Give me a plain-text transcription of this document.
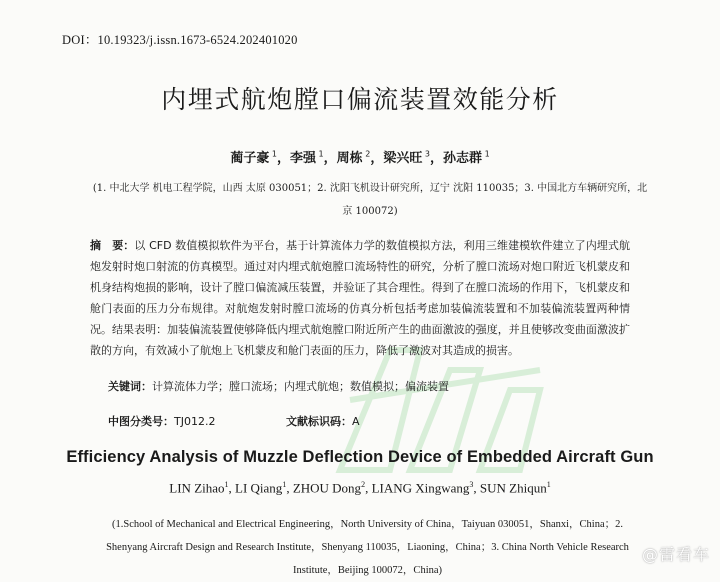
DOI：10.19323/j.issn.1673-6524.202401020
内埋式航炮膛口偏流装置效能分析
蔺子豪 $^1$，李强 $^1$，周栋 $^2$，梁兴旺 $^3$，孙志群 $^1$
(1. 中北大学 机电工程学院，山西 太原 030051；2. 沈阳飞机设计研究所，辽宁 沈阳 110035；3. 中国北方车辆研究所，北京 100072)
摘　要：以 CFD 数值模拟软件为平台，基于计算流体力学的数值模拟方法，利用三维建模软件建立了内埋式航炮发射时炮口射流的仿真模型。通过对内埋式航炮膛口流场特性的研究，分析了膛口流场对炮口附近飞机蒙皮和机身结构炮损的影响，设计了膛口偏流减压装置，并验证了其合理性。得到了在膛口流场的作用下，飞机蒙皮和舱门表面的压力分布规律。对航炮发射时膛口流场的仿真分析包括考虑加装偏流装置和不加装偏流装置两种情况。结果表明：加装偏流装置使够降低内埋式航炮膛口附近所产生的曲面激波的强度，并且使够改变曲面激波扩散的方向，有效减小了航炮上飞机蒙皮和舱门表面的压力，降低了激波对其造成的损害。
关键词：计算流体力学；膛口流场；内埋式航炮；数值模拟；偏流装置
中图分类号：TJ012.2	文献标识码：A
Efficiency Analysis of Muzzle Deflection Device of Embedded Aircraft Gun
LIN Zihao$^1$, LI Qiang$^1$, ZHOU Dong$^2$, LIANG Xingwang$^3$, SUN Zhiqun$^1$
(1.School of Mechanical and Electrical Engineering，North University of China，Taiyuan 030051，Shanxi，China；2. Shenyang Aircraft Design and Research Institute，Shenyang 110035，Liaoning，China；3. China North Vehicle Research Institute，Beijing 100072，China)
@雷看车
